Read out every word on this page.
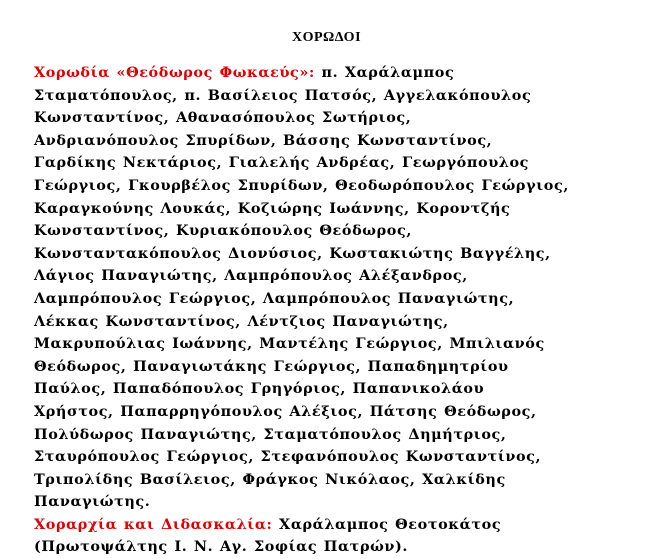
ΧΟΡΩΔΟΙ
Χορωδία «Θεόδωρος Φωκαεύς»: π. Χαράλαμπος
Σταματόπουλος, π. Βασίλειος Πατσός, Αγγελακόπουλος
Κωνσταντίνος, Αθανασόπουλος Σωτήριος,
Ανδριανόπουλος Σπυρίδων, Βάσσης Κωνσταντίνος,
Γαρδίκης Νεκτάριος, Γιαλελής Ανδρέας, Γεωργόπουλος
Γεώργιος, Γκουρβέλος Σπυρίδων, Θεοδωρόπουλος Γεώργιος,
Καραγκούνης Λουκάς, Κοζιώρης Ιωάννης, Κοροντζής
Κωνσταντίνος, Κυριακόπουλος Θεόδωρος,
Κωνσταντακόπουλος Διονύσιος, Κωσταкιώτης Βαγγέλης,
Λάγιος Παναγιώτης, Λαμπρόπουλος Αλέξανδρος,
Λαμπρόπουλος Γεώργιος, Λαμπρόπουλος Παναγιώτης,
Λέκκας Κωνσταντίνος, Λέντζιος Παναγιώτης,
Μακρυπούλιας Ιωάννης, Μαντέλης Γεώργιος, Μπιλιανός
Θεόδωρος, Παναγιωτάκης Γεώργιος, Παπαδημητρίου
Παύλος, Παπαδόπουλος Γρηγόριος, Παπανικολάου
Χρήστος, Παπαρρηγόπουλος Αλέξιος, Πάτσης Θεόδωρος,
Πολύδωρος Παναγιώτης, Σταματόπουλος Δημήτριος,
Σταυρόπουλος Γεώργιος, Στεφανόπουλος Κωνσταντίνος,
Τριπολίδης Βασίλειος, Φράγκος Νικόλαος, Χαλκίδης
Παναγιώτης.
Χοραρχία και Διδασκαλία: Χαράλαμπος Θεοτοκάτος
(Πρωτοψάλτης Ι. Ν. Αγ. Σοφίας Πατρών).
